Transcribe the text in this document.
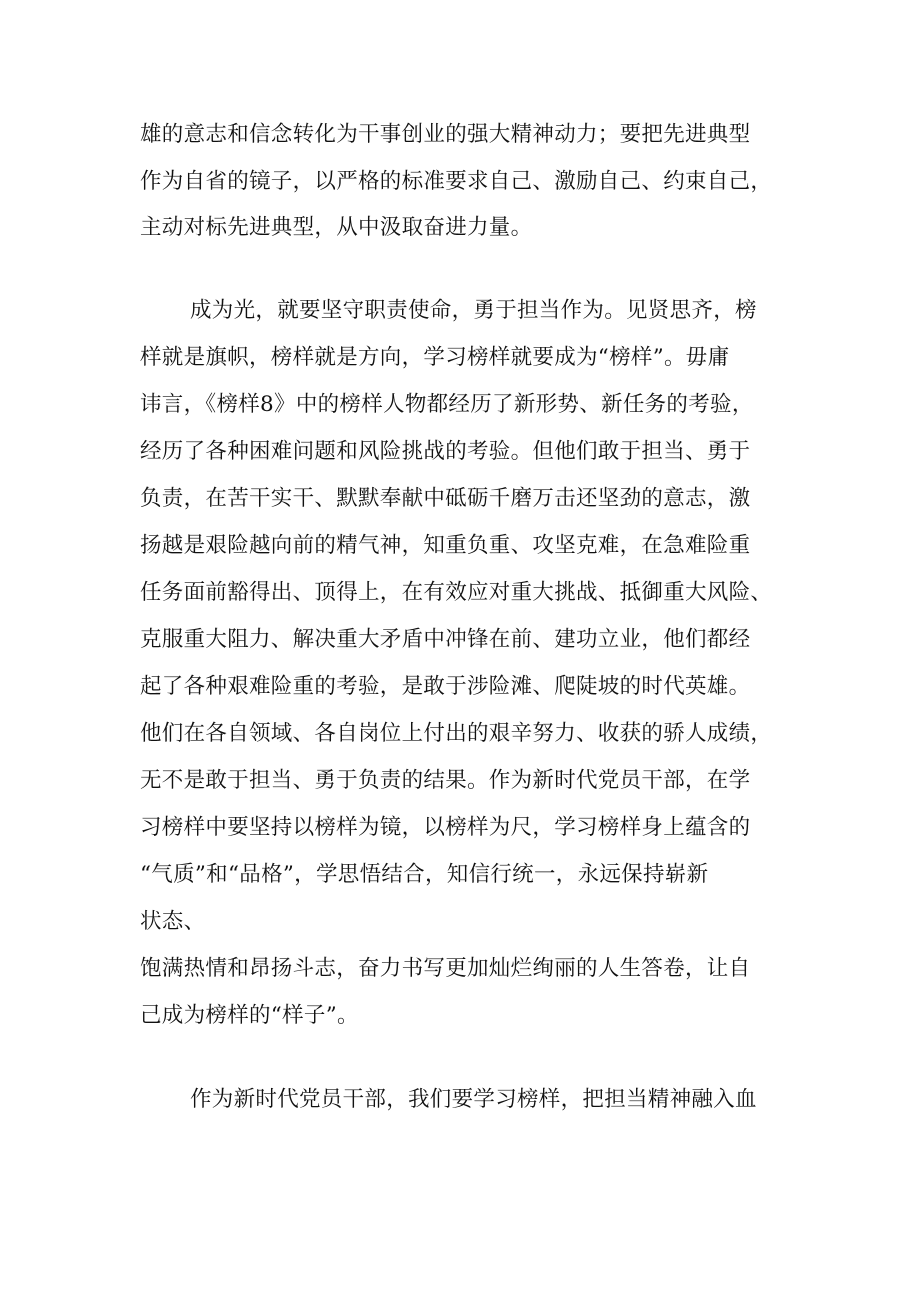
雄的意志和信念转化为干事创业的强大精神动力；要把先进典型
作为自省的镜子，以严格的标准要求自己、激励自己、约束自己，
主动对标先进典型，从中汲取奋进力量。
成为光，就要坚守职责使命，勇于担当作为。见贤思齐，榜
样就是旗帜，榜样就是方向，学习榜样就要成为“榜样”。毋庸
讳言，《榜样8》中的榜样人物都经历了新形势、新任务的考验，
经历了各种困难问题和风险挑战的考验。但他们敢于担当、勇于
负责，在苦干实干、默默奉献中砥砺千磨万击还坚劲的意志，激
扬越是艰险越向前的精气神，知重负重、攻坚克难，在急难险重
任务面前豁得出、顶得上，在有效应对重大挑战、抵御重大风险、
克服重大阻力、解决重大矛盾中冲锋在前、建功立业，他们都经
起了各种艰难险重的考验，是敢于涉险滩、爬陡坡的时代英雄。
他们在各自领域、各自岗位上付出的艰辛努力、收获的骄人成绩，
无不是敢于担当、勇于负责的结果。作为新时代党员干部，在学
习榜样中要坚持以榜样为镜，以榜样为尺，学习榜样身上蕴含的
“气质”和“品格”，学思悟结合，知信行统一，永远保持崭新
状态、
饱满热情和昂扬斗志，奋力书写更加灿烂绚丽的人生答卷，让自
己成为榜样的“样子”。
作为新时代党员干部，我们要学习榜样，把担当精神融入血
